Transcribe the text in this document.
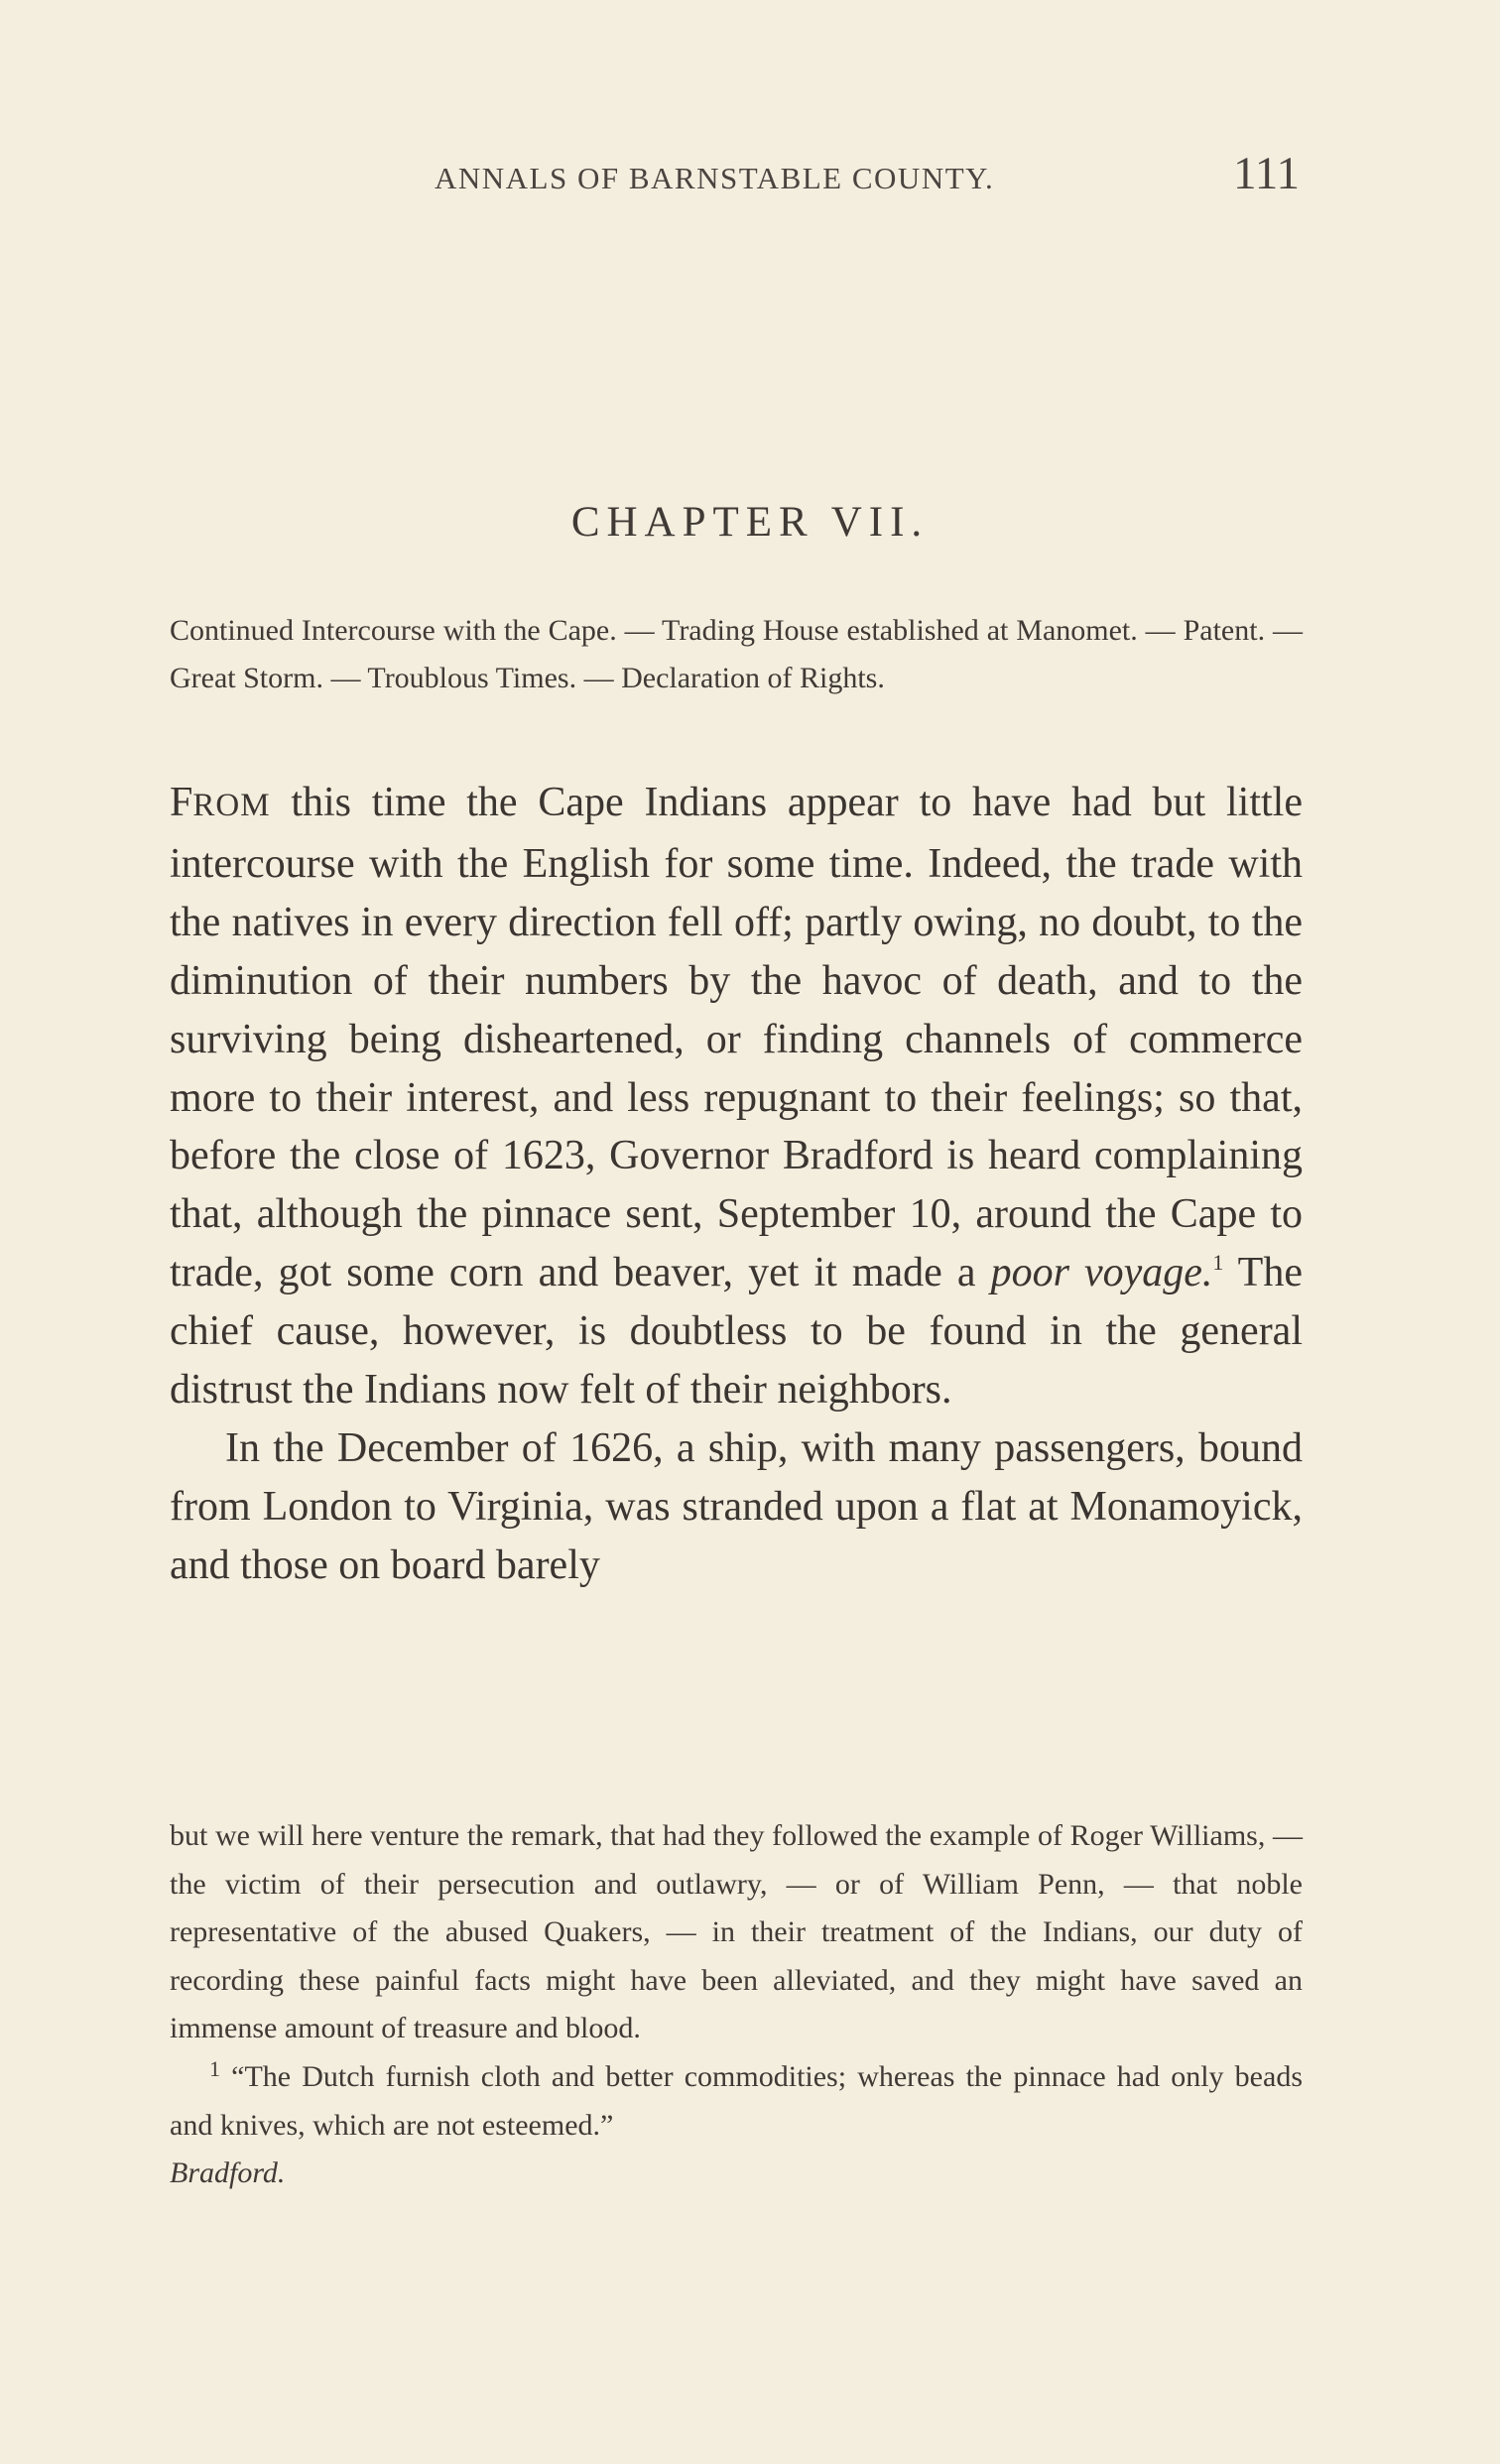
ANNALS OF BARNSTABLE COUNTY.	111
CHAPTER VII.
Continued Intercourse with the Cape. — Trading House established at Manomet. — Patent. — Great Storm. — Troublous Times. — Declaration of Rights.

FROM this time the Cape Indians appear to have had but little intercourse with the English for some time. Indeed, the trade with the natives in every direction fell off; partly owing, no doubt, to the diminution of their numbers by the havoc of death, and to the surviving being disheartened, or finding channels of commerce more to their interest, and less repugnant to their feelings; so that, before the close of 1623, Governor Bradford is heard complaining that, although the pinnace sent, September 10, around the Cape to trade, got some corn and beaver, yet it made a poor voyage.$^1$ The chief cause, however, is doubtless to be found in the general distrust the Indians now felt of their neighbors.

In the December of 1626, a ship, with many passengers, bound from London to Virginia, was stranded upon a flat at Monamoyick, and those on board barely

but we will here venture the remark, that had they followed the example of Roger Williams, — the victim of their persecution and outlawry, — or of William Penn, — that noble representative of the abused Quakers, — in their treatment of the Indians, our duty of recording these painful facts might have been alleviated, and they might have saved an immense amount of treasure and blood.

$^1$ “The Dutch furnish cloth and better commodities; whereas the pinnace had only beads and knives, which are not esteemed.”
Bradford.
